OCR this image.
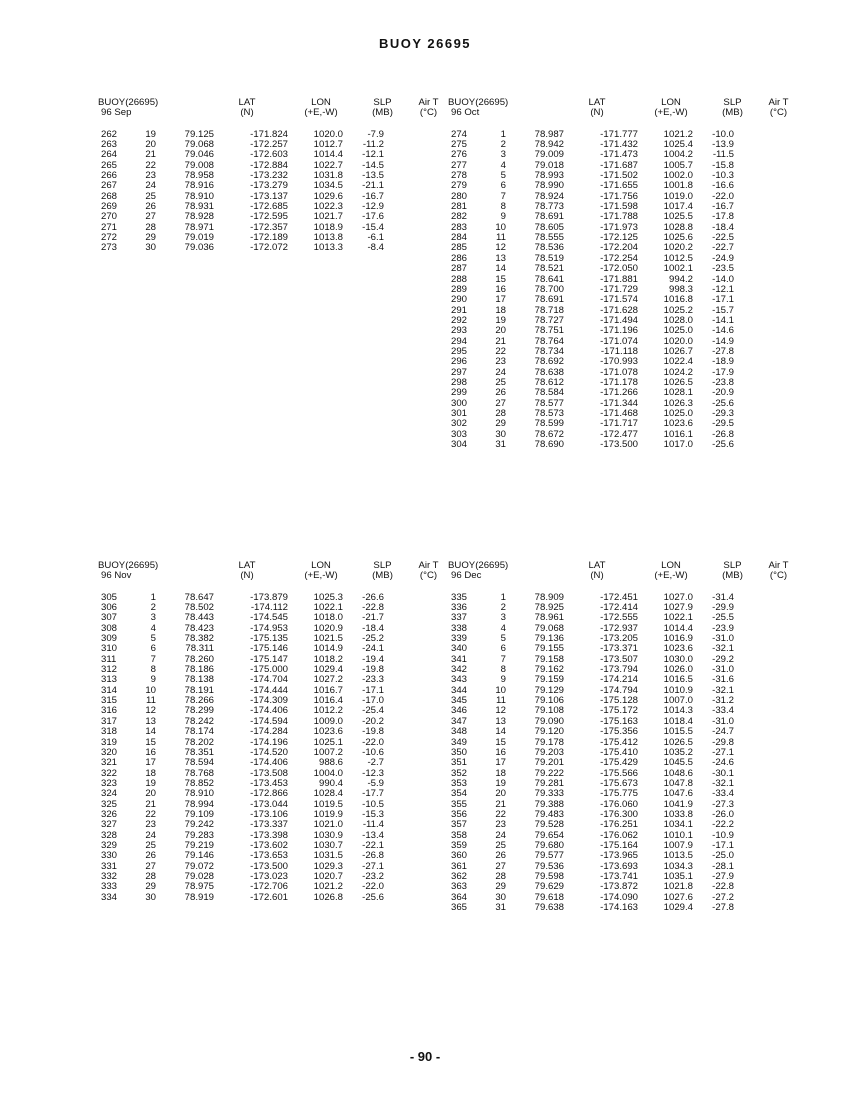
BUOY 26695
BUOY(26695)
96 Sep
LAT
(N)
LON
(+E,-W)
SLP
(MB)
Air T
(°C)
262	19	79.125	-171.824	1020.0	-7.9
263	20	79.068	-172.257	1012.7	-11.2
264	21	79.046	-172.603	1014.4	-12.1
265	22	79.008	-172.884	1022.7	-14.5
266	23	78.958	-173.232	1031.8	-13.5
267	24	78.916	-173.279	1034.5	-21.1
268	25	78.910	-173.137	1029.6	-16.7
269	26	78.931	-172.685	1022.3	-12.9
270	27	78.928	-172.595	1021.7	-17.6
271	28	78.971	-172.357	1018.9	-15.4
272	29	79.019	-172.189	1013.8	-6.1
273	30	79.036	-172.072	1013.3	-8.4
BUOY(26695)
96 Oct
LAT
(N)
LON
(+E,-W)
SLP
(MB)
Air T
(°C)
274	1	78.987	-171.777	1021.2	-10.0
275	2	78.942	-171.432	1025.4	-13.9
276	3	79.009	-171.473	1004.2	-11.5
277	4	79.018	-171.687	1005.7	-15.8
278	5	78.993	-171.502	1002.0	-10.3
279	6	78.990	-171.655	1001.8	-16.6
280	7	78.924	-171.756	1019.0	-22.0
281	8	78.773	-171.598	1017.4	-16.7
282	9	78.691	-171.788	1025.5	-17.8
283	10	78.605	-171.973	1028.8	-18.4
284	11	78.555	-172.125	1025.6	-22.5
285	12	78.536	-172.204	1020.2	-22.7
286	13	78.519	-172.254	1012.5	-24.9
287	14	78.521	-172.050	1002.1	-23.5
288	15	78.641	-171.881	994.2	-14.0
289	16	78.700	-171.729	998.3	-12.1
290	17	78.691	-171.574	1016.8	-17.1
291	18	78.718	-171.628	1025.2	-15.7
292	19	78.727	-171.494	1028.0	-14.1
293	20	78.751	-171.196	1025.0	-14.6
294	21	78.764	-171.074	1020.0	-14.9
295	22	78.734	-171.118	1026.7	-27.8
296	23	78.692	-170.993	1022.4	-18.9
297	24	78.638	-171.078	1024.2	-17.9
298	25	78.612	-171.178	1026.5	-23.8
299	26	78.584	-171.266	1028.1	-20.9
300	27	78.577	-171.344	1026.3	-25.6
301	28	78.573	-171.468	1025.0	-29.3
302	29	78.599	-171.717	1023.6	-29.5
303	30	78.672	-172.477	1016.1	-26.8
304	31	78.690	-173.500	1017.0	-25.6
BUOY(26695)
96 Nov
LAT
(N)
LON
(+E,-W)
SLP
(MB)
Air T
(°C)
305	1	78.647	-173.879	1025.3	-26.6
306	2	78.502	-174.112	1022.1	-22.8
307	3	78.443	-174.545	1018.0	-21.7
308	4	78.423	-174.953	1020.9	-18.4
309	5	78.382	-175.135	1021.5	-25.2
310	6	78.311	-175.146	1014.9	-24.1
311	7	78.260	-175.147	1018.2	-19.4
312	8	78.186	-175.000	1029.4	-19.8
313	9	78.138	-174.704	1027.2	-23.3
314	10	78.191	-174.444	1016.7	-17.1
315	11	78.266	-174.309	1016.4	-17.0
316	12	78.299	-174.406	1012.2	-25.4
317	13	78.242	-174.594	1009.0	-20.2
318	14	78.174	-174.284	1023.6	-19.8
319	15	78.202	-174.196	1025.1	-22.0
320	16	78.351	-174.520	1007.2	-10.6
321	17	78.594	-174.406	988.6	-2.7
322	18	78.768	-173.508	1004.0	-12.3
323	19	78.852	-173.453	990.4	-5.9
324	20	78.910	-172.866	1028.4	-17.7
325	21	78.994	-173.044	1019.5	-10.5
326	22	79.109	-173.106	1019.9	-15.3
327	23	79.242	-173.337	1021.0	-11.4
328	24	79.283	-173.398	1030.9	-13.4
329	25	79.219	-173.602	1030.7	-22.1
330	26	79.146	-173.653	1031.5	-26.8
331	27	79.072	-173.500	1029.3	-27.1
332	28	79.028	-173.023	1020.7	-23.2
333	29	78.975	-172.706	1021.2	-22.0
334	30	78.919	-172.601	1026.8	-25.6
BUOY(26695)
96 Dec
LAT
(N)
LON
(+E,-W)
SLP
(MB)
Air T
(°C)
335	1	78.909	-172.451	1027.0	-31.4
336	2	78.925	-172.414	1027.9	-29.9
337	3	78.961	-172.555	1022.1	-25.5
338	4	79.068	-172.937	1014.4	-23.9
339	5	79.136	-173.205	1016.9	-31.0
340	6	79.155	-173.371	1023.6	-32.1
341	7	79.158	-173.507	1030.0	-29.2
342	8	79.162	-173.794	1026.0	-31.0
343	9	79.159	-174.214	1016.5	-31.6
344	10	79.129	-174.794	1010.9	-32.1
345	11	79.106	-175.128	1007.0	-31.2
346	12	79.108	-175.172	1014.3	-33.4
347	13	79.090	-175.163	1018.4	-31.0
348	14	79.120	-175.356	1015.5	-24.7
349	15	79.178	-175.412	1026.5	-29.8
350	16	79.203	-175.410	1035.2	-27.1
351	17	79.201	-175.429	1045.5	-24.6
352	18	79.222	-175.566	1048.6	-30.1
353	19	79.281	-175.673	1047.8	-32.1
354	20	79.333	-175.775	1047.6	-33.4
355	21	79.388	-176.060	1041.9	-27.3
356	22	79.483	-176.300	1033.8	-26.0
357	23	79.528	-176.251	1034.1	-22.2
358	24	79.654	-176.062	1010.1	-10.9
359	25	79.680	-175.164	1007.9	-17.1
360	26	79.577	-173.965	1013.5	-25.0
361	27	79.536	-173.693	1034.3	-28.1
362	28	79.598	-173.741	1035.1	-27.9
363	29	79.629	-173.872	1021.8	-22.8
364	30	79.618	-174.090	1027.6	-27.2
365	31	79.638	-174.163	1029.4	-27.8
- 90 -
